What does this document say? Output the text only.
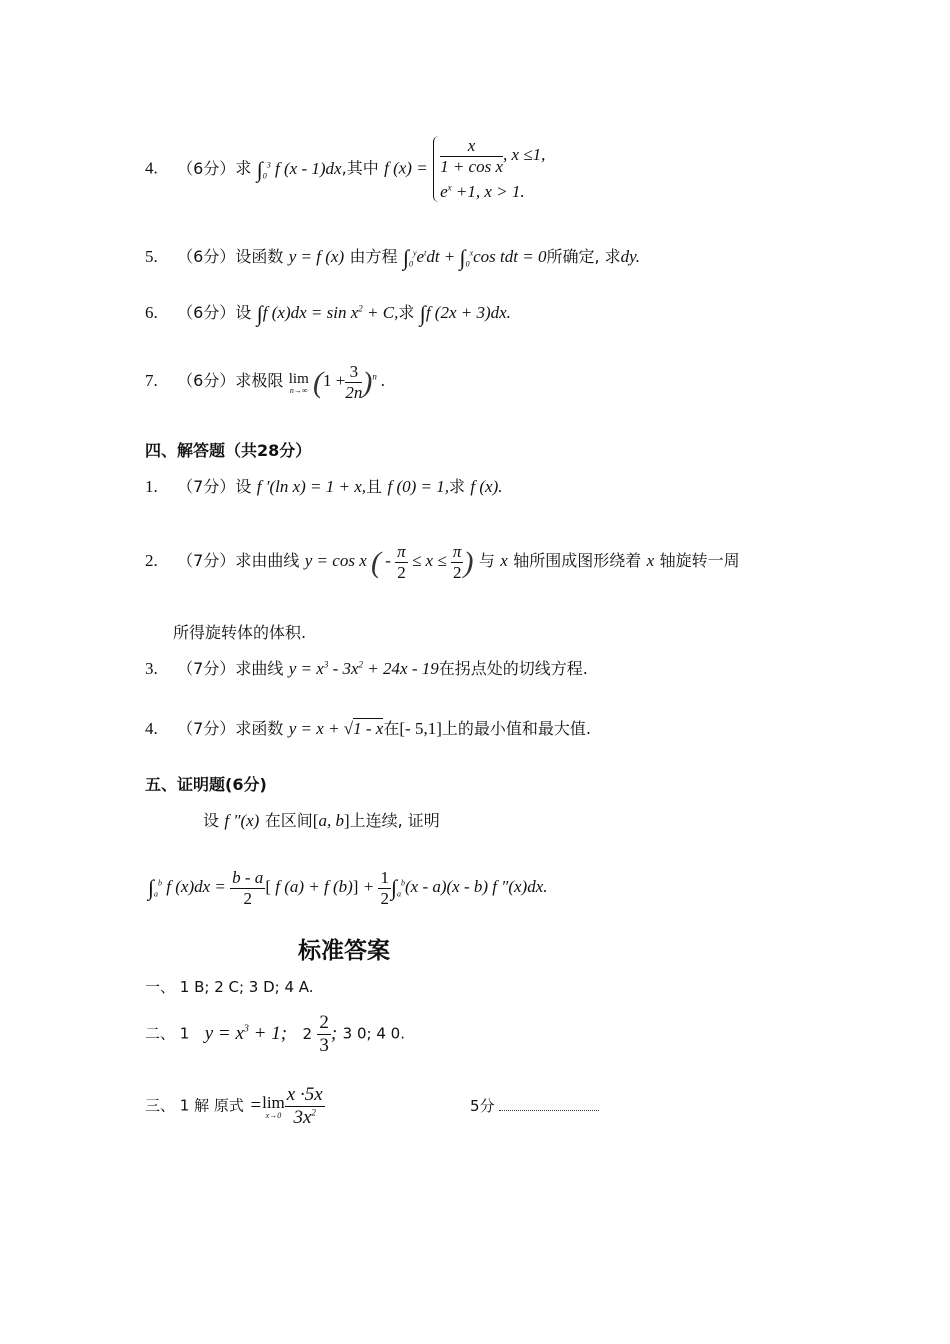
4. （6分）求 $\int_0^3$ f (x - 1)dx,其中 f $(x) = \frac{x}{\text{1 + cos x}}$ , x ≤1,
$e^x +1$, x > 1.
5. （6分）设函数 y = f (x) 由方程 $\int_0^ye^tdt + \int_0^x\cos$ tdt = 0所确定, 求dy.
6. （6分）设 ∫f $(x)dx = \sin x^2 + C$,求 ∫f (2x + 3)dx.
7. （6分）求极限 lim
n→∞ $(1 + \frac{3}{2n} )^n$ .
四、解答题（共28分）
1. （7分）设 f ′(ln x) = 1 + x,且 f (0) = 1,求 f (x).
2. （7分）求由曲线 y = cos x ( - $\frac{\pi}{2} \le x \le \frac{\pi}{2}$ ) 与 x 轴所围成图形绕着 x 轴旋转一周
所得旋转体的体积.
3. （7分）求曲线 $y = x^3 - 3x^2 + 24x - 19$在拐点处的切线方程.
4. （7分）求函数 y = x + √1 - x在[- 5,1]上的最小值和最大值.
五、证明题(6分)
设 f ″(x) 在区间[a, b]上连续, 证明
$\int_a^b$ f $(x)dx = \frac{b - a}{2}$ [ f (a) + f $(b)] + \frac{1}{2} \int_a^b(x - a)(x - b)$ f ″(x)dx.
标准答案
一、 1 B; 2 C; 3 D; 4 A.
二、 1 $y = x^3 + 1$; $2 \frac{2}{3}$ ; 3 0; 4 0.
三、 1 解 原式 =lim
$x\to 0 \frac{x \cdot 5x}{3x^2}$	5分
